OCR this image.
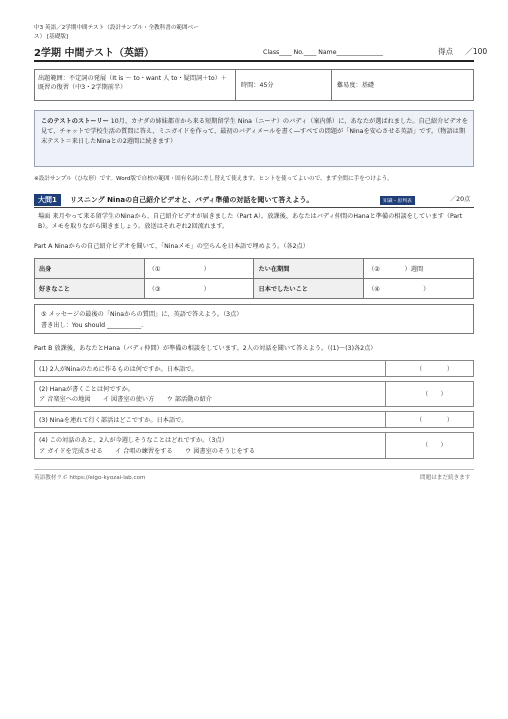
中3 英語／2学期中間テスト（設計サンプル・全教科書の範囲ベー
ス） [基礎版]
2学期 中間テスト（英語）	Class____ No.____ Name_______________	得点 ／100
出題範囲：不定詞の発展（It is ～ to・want 人 to・疑問詞＋to）＋既習の復習（中3・2学期前半）	時間：45分	難易度：基礎
このテストのストーリー 10月、カナダの姉妹都市から来る短期留学生 Nina（ニーナ）のバディ（案内係）に、あなたが選ばれました。自己紹介ビデオを見て、チャットで学校生活の質問に答え、ミニガイドを作って、最初のバディメールを書く―すべての問題が「Ninaを安心させる英語」です。（物語は期末テスト＝来日したNinaとの2週間に続きます）
※設計サンプル（ひな形）です。Word版で自校の範囲・固有名詞に差し替えて使えます。ヒントを使ってよいので、まず全問に手をつけよう。
大問1	リスニング Ninaの自己紹介ビデオと、バディ準備の対話を聞いて答えよう。	知識・思判表	／20点
場面 来月やって来る留学生のNinaから、自己紹介ビデオが届きました（Part A）。放課後、あなたはバディ仲間のHanaと準備の相談をしています（Part B）。メモを取りながら聞きましょう。放送はそれぞれ2回流れます。
Part A Ninaからの自己紹介ビデオを聞いて、「Ninaメモ」の空らんを日本語で埋めよう。（各2点）
出身	（①　　　　　　　）	たい在期間	（②　　　　）週間
好きなこと	（③　　　　　　　）	日本でしたいこと	（④　　　　　　　）
⑤ メッセージの最後の「Ninaからの質問」に、英語で答えよう。（3点）
書き出し：You should ___________.
Part B 放課後、あなたとHana（バディ仲間）が準備の相談をしています。2人の対話を聞いて答えよう。（(1)～(3)各2点）
(1) 2人がNinaのために作るものは何ですか。日本語で。	（　　　　）
(2) Hanaが書くことは何ですか。
ア 音楽室への地図　　イ 図書室の使い方　　ウ 部活動の紹介
（　　）
(3) Ninaを連れて行く部活はどこですか。日本語で。	（　　　　）
(4) この対話のあと、2人が今週しそうなことはどれですか。（3点）
ア ガイドを完成させる　　イ 合唱の練習をする　　ウ 図書室のそうじをする
（　　）
英語教材ラボ https://eigo-kyozai-lab.com	問題はまだ続きます
